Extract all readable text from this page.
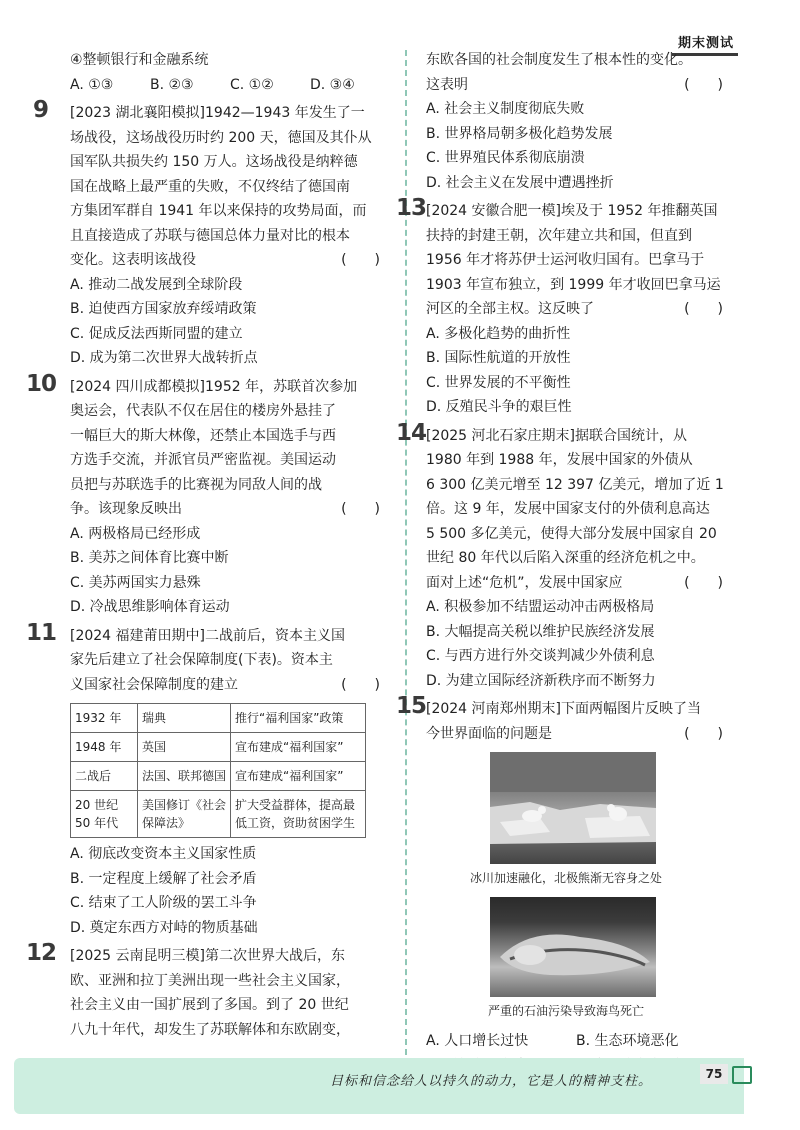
期末测试
④整顿银行和金融系统
A. ①③	B. ②③	C. ①②	D. ③④
9 [2023 湖北襄阳模拟]1942—1943 年发生了一
场战役，这场战役历时约 200 天，德国及其仆从
国军队共损失约 150 万人。这场战役是纳粹德
国在战略上最严重的失败，不仅终结了德国南
方集团军群自 1941 年以来保持的攻势局面，而
且直接造成了苏联与德国总体力量对比的根本
变化。这表明该战役	(　　)
A. 推动二战发展到全球阶段
B. 迫使西方国家放弃绥靖政策
C. 促成反法西斯同盟的建立
D. 成为第二次世界大战转折点
10 [2024 四川成都模拟]1952 年，苏联首次参加
奥运会，代表队不仅在居住的楼房外悬挂了
一幅巨大的斯大林像，还禁止本国选手与西
方选手交流，并派官员严密监视。美国运动
员把与苏联选手的比赛视为同敌人间的战
争。该现象反映出	(　　)
A. 两极格局已经形成
B. 美苏之间体育比赛中断
C. 美苏两国实力悬殊
D. 冷战思维影响体育运动
11 [2024 福建莆田期中]二战前后，资本主义国
家先后建立了社会保障制度(下表)。资本主
义国家社会保障制度的建立	(　　)
1932 年	瑞典	推行“福利国家”政策
1948 年	英国	宣布建成“福利国家”
二战后	法国、联邦德国	宣布建成“福利国家”
20 世纪 50 年代	美国修订《社会保障法》	扩大受益群体，提高最低工资，资助贫困学生
A. 彻底改变资本主义国家性质
B. 一定程度上缓解了社会矛盾
C. 结束了工人阶级的罢工斗争
D. 奠定东西方对峙的物质基础
12 [2025 云南昆明三模]第二次世界大战后，东
欧、亚洲和拉丁美洲出现一些社会主义国家，
社会主义由一国扩展到了多国。到了 20 世纪
八九十年代，却发生了苏联解体和东欧剧变，
东欧各国的社会制度发生了根本性的变化。
这表明	(　　)
A. 社会主义制度彻底失败
B. 世界格局朝多极化趋势发展
C. 世界殖民体系彻底崩溃
D. 社会主义在发展中遭遇挫折
13 [2024 安徽合肥一模]埃及于 1952 年推翻英国
扶持的封建王朝，次年建立共和国，但直到
1956 年才将苏伊士运河收归国有。巴拿马于
1903 年宣布独立，到 1999 年才收回巴拿马运
河区的全部主权。这反映了	(　　)
A. 多极化趋势的曲折性
B. 国际性航道的开放性
C. 世界发展的不平衡性
D. 反殖民斗争的艰巨性
14 [2025 河北石家庄期末]据联合国统计，从
1980 年到 1988 年，发展中国家的外债从
6 300 亿美元增至 12 397 亿美元，增加了近 1
倍。这 9 年，发展中国家支付的外债利息高达
5 500 多亿美元，使得大部分发展中国家自 20
世纪 80 年代以后陷入深重的经济危机之中。
面对上述“危机”，发展中国家应	(　　)
A. 积极参加不结盟运动冲击两极格局
B. 大幅提高关税以维护民族经济发展
C. 与西方进行外交谈判减少外债利息
D. 为建立国际经济新秩序而不断努力
15 [2024 河南郑州期末]下面两幅图片反映了当
今世界面临的问题是	(　　)
冰川加速融化，北极熊渐无容身之处
严重的石油污染导致海鸟死亡
A. 人口增长过快	B. 生态环境恶化
目标和信念给人以持久的动力，它是人的精神支柱。	75
